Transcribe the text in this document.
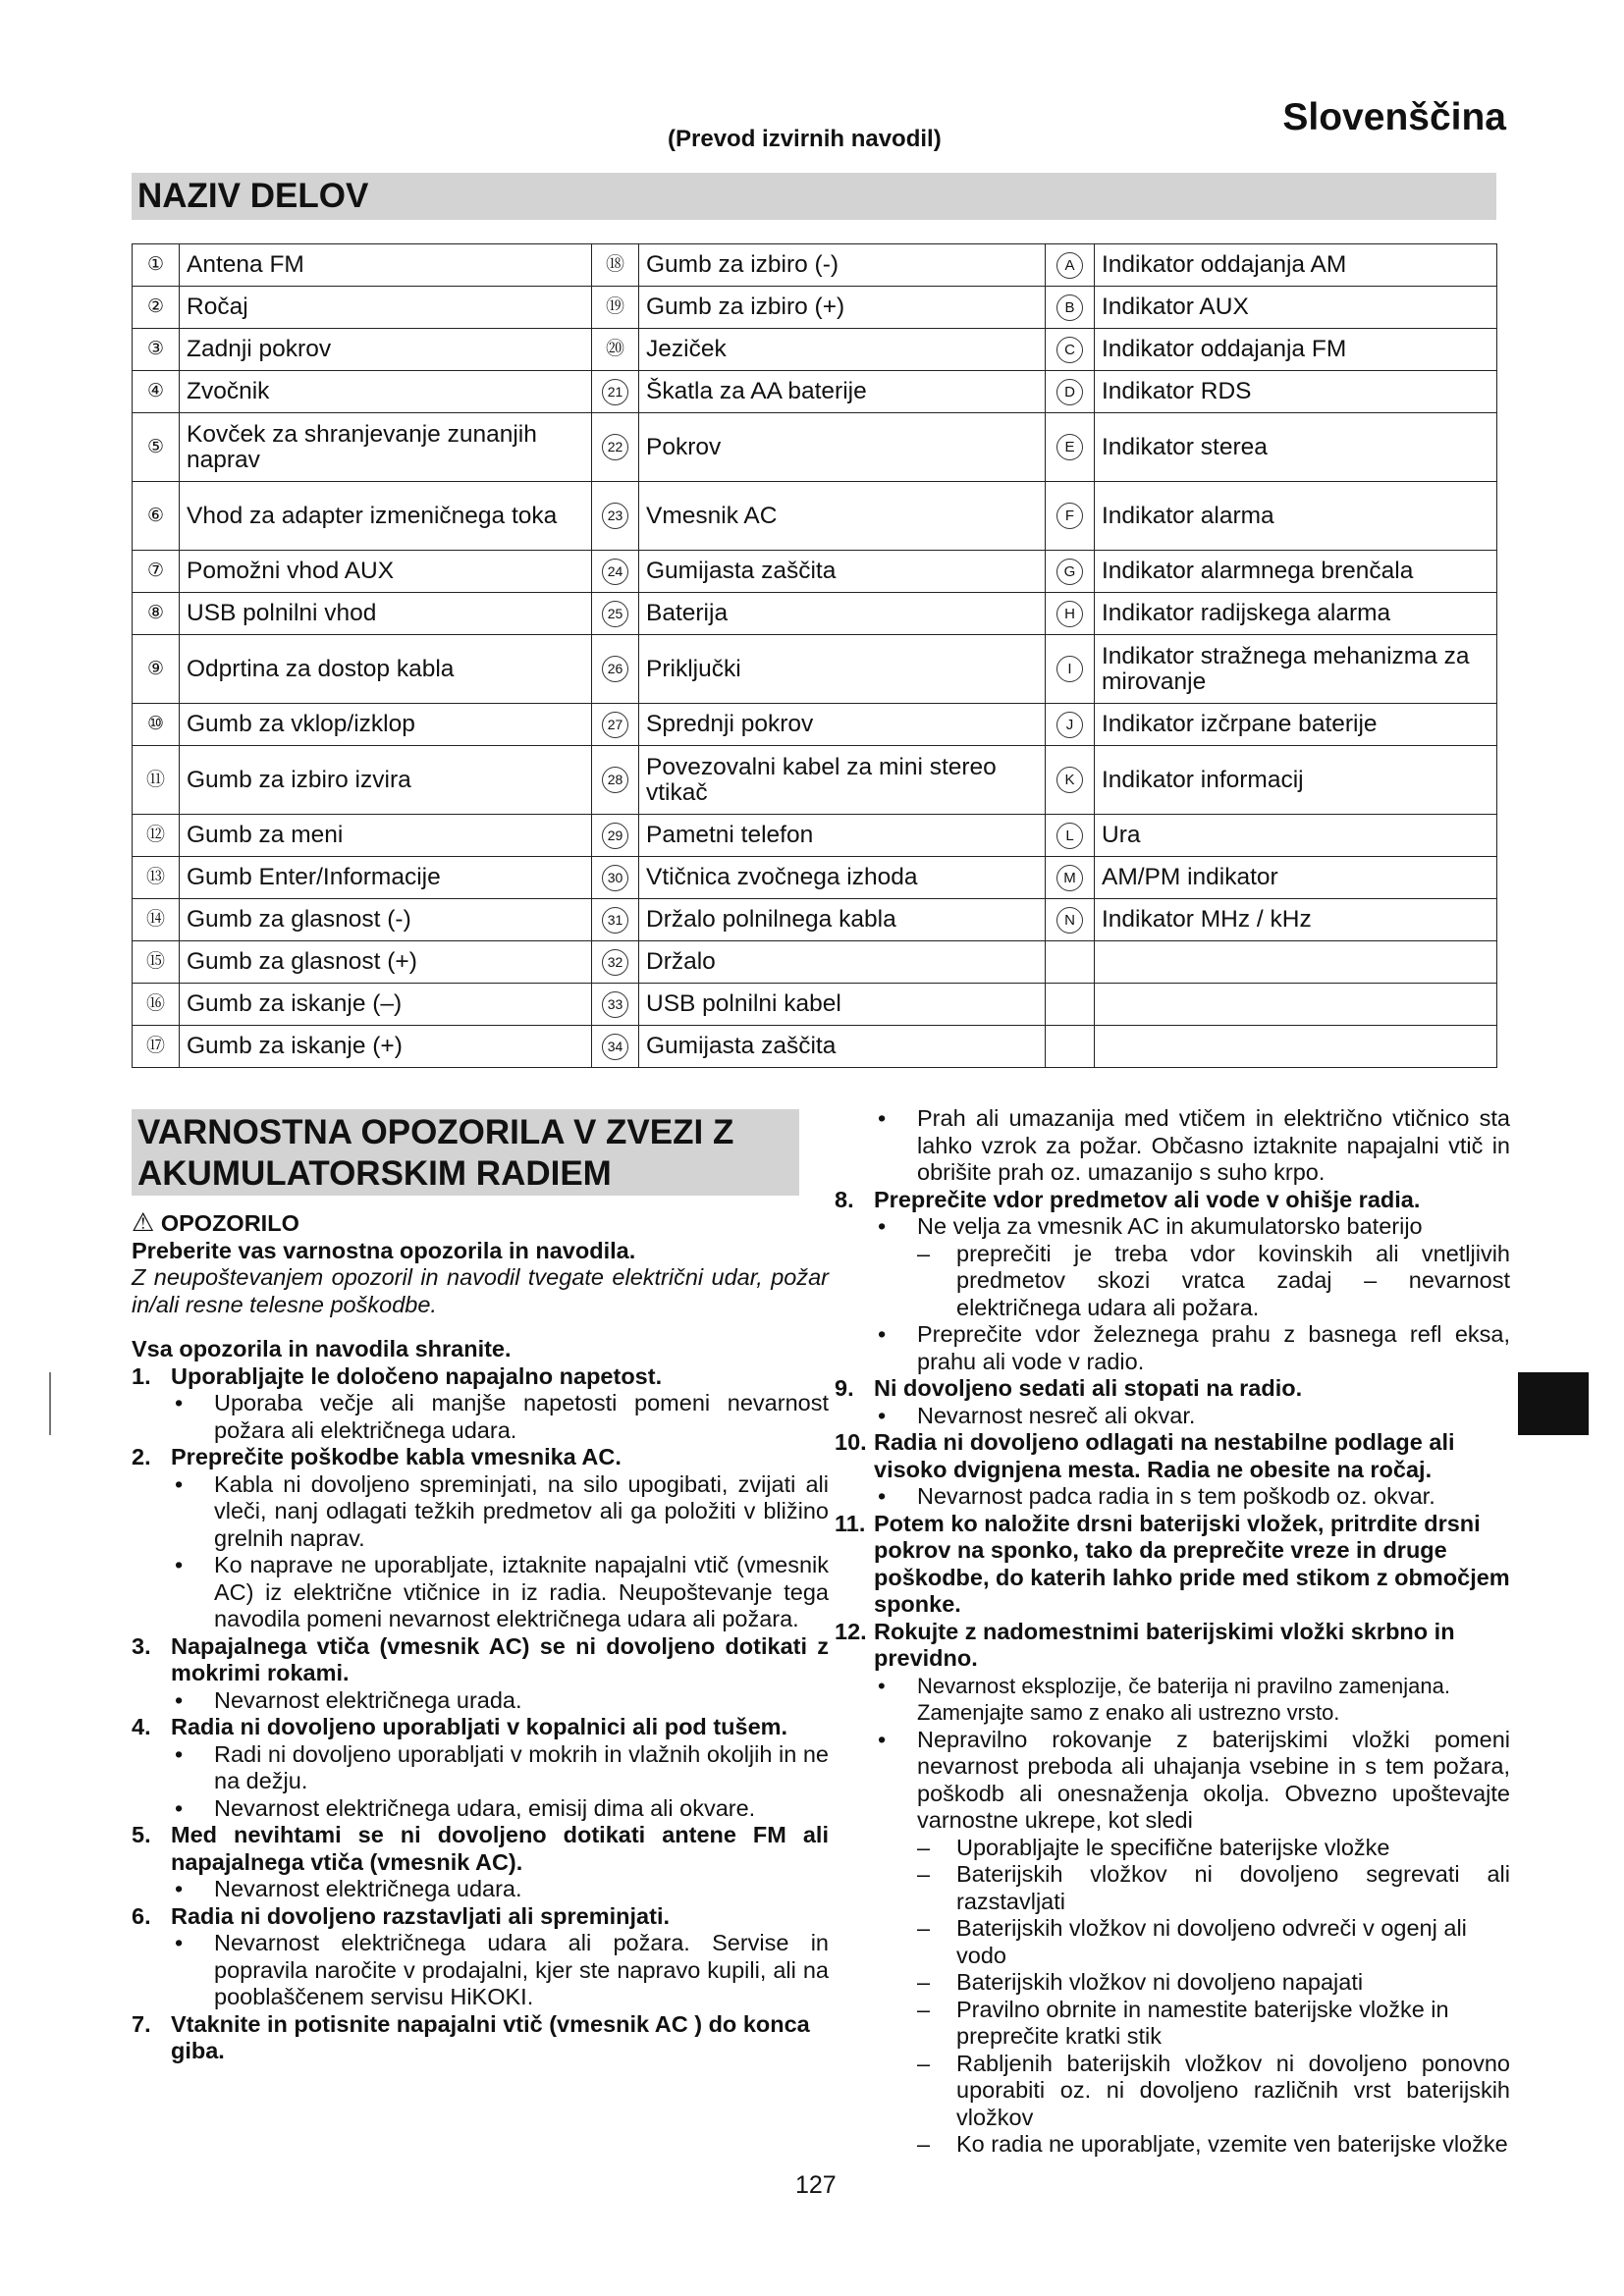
Slovenščina
(Prevod izvirnih navodil)
NAZIV DELOV
①	Antena FM	⑱	Gumb za izbiro (-)	A	Indikator oddajanja AM
②	Ročaj	⑲	Gumb za izbiro (+)	B	Indikator AUX
③	Zadnji pokrov	⑳	Jeziček	C	Indikator oddajanja FM
④	Zvočnik	21	Škatla za AA baterije	D	Indikator RDS
⑤	Kovček za shranjevanje zunanjih naprav	22	Pokrov	E	Indikator sterea
⑥	Vhod za adapter izmeničnega toka	23	Vmesnik AC	F	Indikator alarma
⑦	Pomožni vhod AUX	24	Gumijasta zaščita	G	Indikator alarmnega brenčala
⑧	USB polnilni vhod	25	Baterija	H	Indikator radijskega alarma
⑨	Odprtina za dostop kabla	26	Priključki	I	Indikator stražnega mehanizma za mirovanje
⑩	Gumb za vklop/izklop	27	Sprednji pokrov	J	Indikator izčrpane baterije
⑪	Gumb za izbiro izvira	28	Povezovalni kabel za mini stereo vtikač	K	Indikator informacij
⑫	Gumb za meni	29	Pametni telefon	L	Ura
⑬	Gumb Enter/Informacije	30	Vtičnica zvočnega izhoda	M	AM/PM indikator
⑭	Gumb za glasnost (-)	31	Držalo polnilnega kabla	N	Indikator MHz / kHz
⑮	Gumb za glasnost (+)	32	Držalo		
⑯	Gumb za iskanje (–)	33	USB polnilni kabel		
⑰	Gumb za iskanje (+)	34	Gumijasta zaščita		
VARNOSTNA OPOZORILA V ZVEZI Z AKUMULATORSKIM RADIEM
⚠ OPOZORILO
Preberite vas varnostna opozorila in navodila.
Z neupoštevanjem opozoril in navodil tvegate električni udar, požar in/ali resne telesne poškodbe.
Vsa opozorila in navodila shranite.
1. Uporabljajte le določeno napajalno napetost.
• Uporaba večje ali manjše napetosti pomeni nevarnost požara ali električnega udara.
2. Preprečite poškodbe kabla vmesnika AC.
• Kabla ni dovoljeno spreminjati, na silo upogibati, zvijati ali vleči, nanj odlagati težkih predmetov ali ga položiti v bližino grelnih naprav.
• Ko naprave ne uporabljate, iztaknite napajalni vtič (vmesnik AC) iz električne vtičnice in iz radia. Neupoštevanje tega navodila pomeni nevarnost električnega udara ali požara.
3. Napajalnega vtiča (vmesnik AC) se ni dovoljeno dotikati z mokrimi rokami.
• Nevarnost električnega urada.
4. Radia ni dovoljeno uporabljati v kopalnici ali pod tušem.
• Radi ni dovoljeno uporabljati v mokrih in vlažnih okoljih in ne na dežju.
• Nevarnost električnega udara, emisij dima ali okvare.
5. Med nevihtami se ni dovoljeno dotikati antene FM ali napajalnega vtiča (vmesnik AC).
• Nevarnost električnega udara.
6. Radia ni dovoljeno razstavljati ali spreminjati.
• Nevarnost električnega udara ali požara. Servise in popravila naročite v prodajalni, kjer ste napravo kupili, ali na pooblaščenem servisu HiKOKI.
7. Vtaknite in potisnite napajalni vtič (vmesnik AC ) do konca giba.
• Prah ali umazanija med vtičem in električno vtičnico sta lahko vzrok za požar. Občasno iztaknite napajalni vtič in obrišite prah oz. umazanijo s suho krpo.
8. Preprečite vdor predmetov ali vode v ohišje radia.
• Ne velja za vmesnik AC in akumulatorsko baterijo
– preprečiti je treba vdor kovinskih ali vnetljivih predmetov skozi vratca zadaj – nevarnost električnega udara ali požara.
• Preprečite vdor železnega prahu z basnega refl eksa, prahu ali vode v radio.
9. Ni dovoljeno sedati ali stopati na radio.
• Nevarnost nesreč ali okvar.
10. Radia ni dovoljeno odlagati na nestabilne podlage ali visoko dvignjena mesta. Radia ne obesite na ročaj.
• Nevarnost padca radia in s tem poškodb oz. okvar.
11. Potem ko naložite drsni baterijski vložek, pritrdite drsni pokrov na sponko, tako da preprečite vreze in druge poškodbe, do katerih lahko pride med stikom z območjem sponke.
12. Rokujte z nadomestnimi baterijskimi vložki skrbno in previdno.
• Nevarnost eksplozije, če baterija ni pravilno zamenjana. Zamenjajte samo z enako ali ustrezno vrsto.
• Nepravilno rokovanje z baterijskimi vložki pomeni nevarnost preboda ali uhajanja vsebine in s tem požara, poškodb ali onesnaženja okolja. Obvezno upoštevajte varnostne ukrepe, kot sledi
– Uporabljajte le specifične baterijske vložke
– Baterijskih vložkov ni dovoljeno segrevati ali razstavljati
– Baterijskih vložkov ni dovoljeno odvreči v ogenj ali vodo
– Baterijskih vložkov ni dovoljeno napajati
– Pravilno obrnite in namestite baterijske vložke in preprečite kratki stik
– Rabljenih baterijskih vložkov ni dovoljeno ponovno uporabiti oz. ni dovoljeno različnih vrst baterijskih vložkov
– Ko radia ne uporabljate, vzemite ven baterijske vložke
127
